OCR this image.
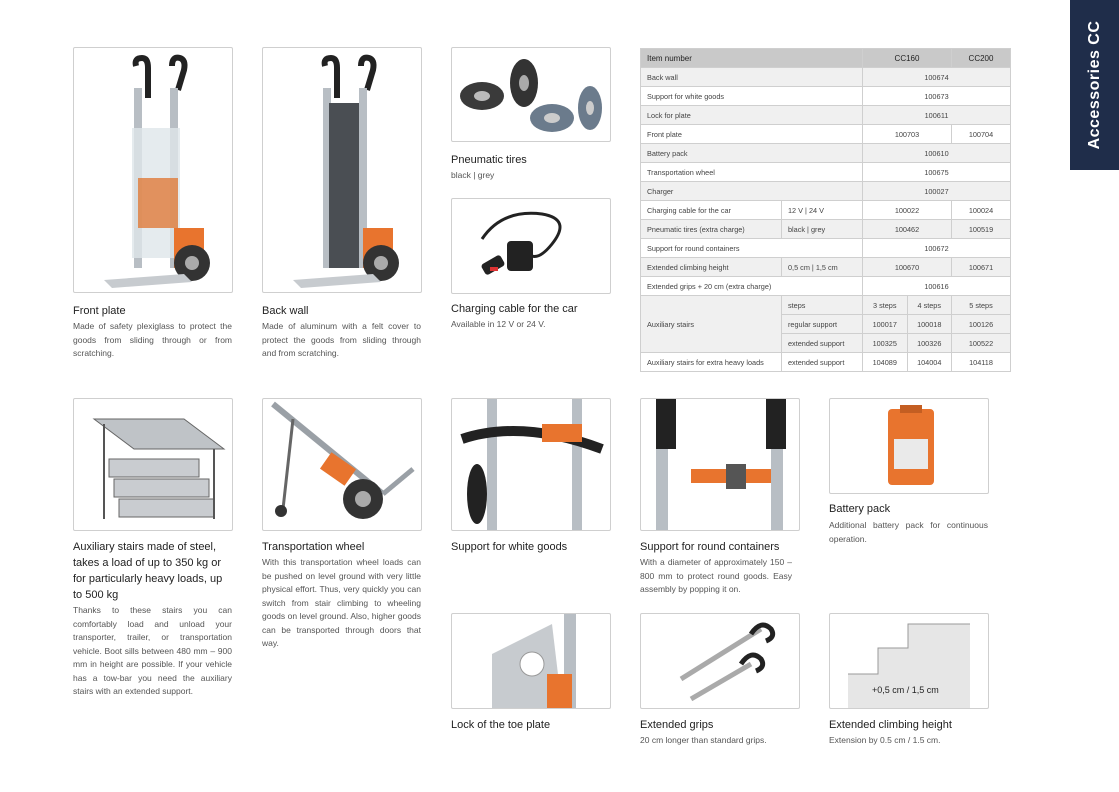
Accessories CC
Front plate
Made of safety plexiglass to protect the goods from sliding through or from scratching.
Back wall
Made of aluminum with a felt cover to protect the goods from sliding through and from scratching.
Pneumatic tires
black | grey
Charging cable for the car
Available in 12 V or 24 V.
Item number		CC160		CC200
Back wall		100674		
Support for white goods		100673		
Lock for plate		100611		
Front plate		100703		100704
Battery pack		100610		
Transportation wheel		100675		
Charger		100027		
Charging cable for the car	12 V | 24 V	100022		100024
Pneumatic tires (extra charge)	black | grey	100462		100519
Support for round containers		100672		
Extended climbing height	0,5 cm | 1,5 cm	100670		100671
Extended grips + 20 cm (extra charge)		100616		
Auxiliary stairs	steps	3 steps	4 steps	5 steps
	regular support	100017	100018	100126
	extended support	100325	100326	100522
Auxiliary stairs for extra heavy loads	extended support	104089	104004	104118
Auxiliary stairs made of steel, takes a load of up to 350 kg or for particularly heavy loads, up to 500 kg
Thanks to these stairs you can comfortably load and unload your transporter, trailer, or transportation vehicle. Boot sills between 480 mm – 900 mm in height are possible. If your vehicle has a tow-bar you need the auxiliary stairs with an extended support.
Transportation wheel
With this transportation wheel loads can be pushed on level ground with very little physical effort. Thus, very quickly you can switch from stair climbing to wheeling goods on level ground. Also, higher goods can be transported through doors that way.
Support for white goods	Support for round containers
With a diameter of approximately 150 – 800 mm to protect round goods. Easy assembly by popping it on.
Battery pack
Additional battery pack for continuous operation.
+0,5 cm / 1,5 cm
Lock of the toe plate	Extended grips
20 cm longer than standard grips.
Extended climbing height
Extension by 0.5 cm / 1.5 cm.
